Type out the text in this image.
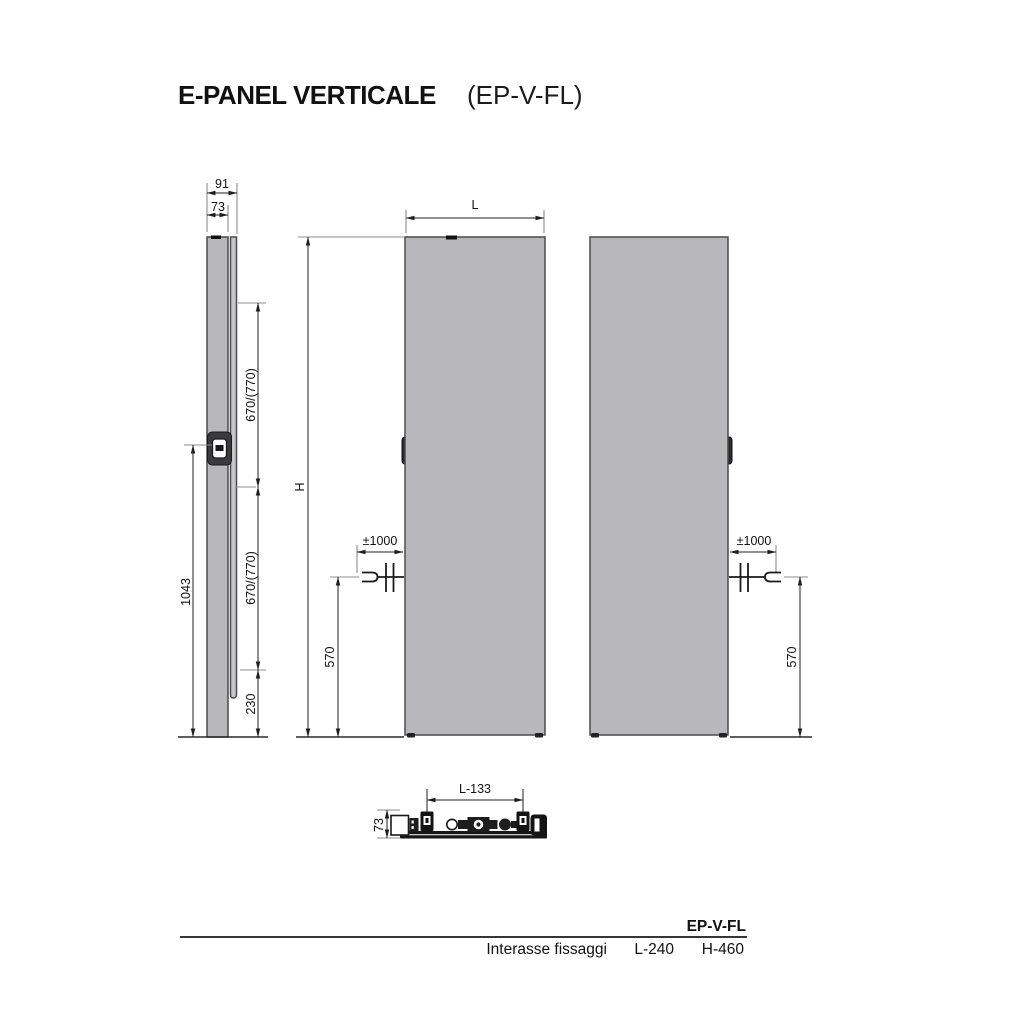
E-PANEL VERTICALE (EP-V-FL)
91
73
670/(770)
670/(770)
230
1043
L
H
±1000
570
±1000
570
L-133
73
EP-V-FL
Interasse fissaggi L-240 H-460
